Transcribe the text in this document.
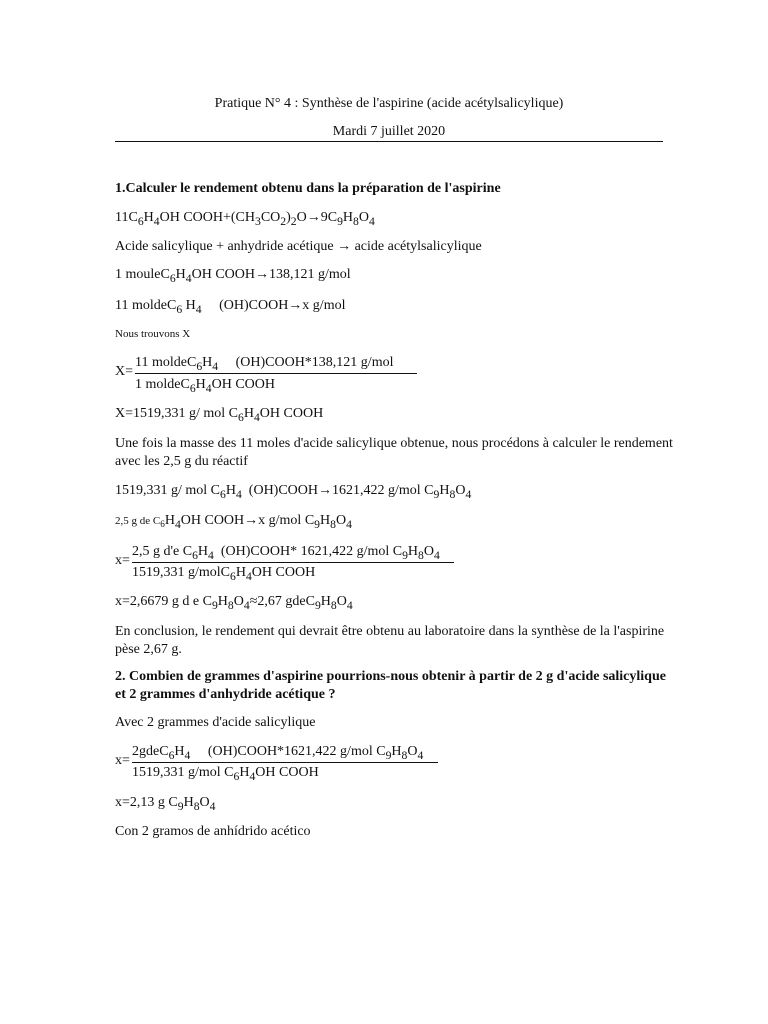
Pratique N° 4 : Synthèse de l'aspirine (acide acétylsalicylique)
Mardi 7 juillet 2020
1.Calculer le rendement obtenu dans la préparation de l'aspirine
$11C_6H_4OH$ $COOH+(CH_3CO_2)_2O\to 9C_9H_8O_4$
Acide salicylique + anhydride acétique → acide acétylsalicylique
1 $mouleC_6H_4OH$ COOH→138,121 g/mol
11 moldeC$_6$ $H_4$     (OH)COOH→x g/mol
Nous trouvons X
X=
11 $moldeC_6H_4$     (OH)COOH*138,121 g/mol
1 $moldeC_6H_4OH$ COOH
X=1519,331 g/ mol $C_6H_4OH$ COOH
Une fois la masse des 11 moles d'acide salicylique obtenue, nous procédons à calculer le rendement avec les 2,5 g du réactif
1519,331 g/ mol $C_6H_4$  (OH)COOH→1621,422 g/mol $C_9H_8O_4$
2,5 g de $C_6H_4OH$ COOH→x g/mol $C_9H_8O_4$
x=
2,5 g d'e $C_6H_4$  (OH)COOH* 1621,422 g/mol $C_9H_8O_4$
1519,331 $g/molC_6H_4OH$ COOH
x=2,6679 g d e $C_9H_8O_4\approx 2,67$ $gdeC_9H_8O_4$
En conclusion, le rendement qui devrait être obtenu au laboratoire dans la synthèse de la l'aspirine pèse 2,67 g.
2. Combien de grammes d'aspirine pourrions-nous obtenir à partir de 2 g d'acide salicylique et 2 grammes d'anhydride acétique ?
Avec 2 grammes d'acide salicylique
x=
$2gdeC_6H_4$     (OH)COOH*1621,422 g/mol $C_9H_8O_4$
1519,331 g/mol $C_6H_4OH$ COOH
x=2,13 g $C_9H_8O_4$
Con 2 gramos de anhídrido acético
